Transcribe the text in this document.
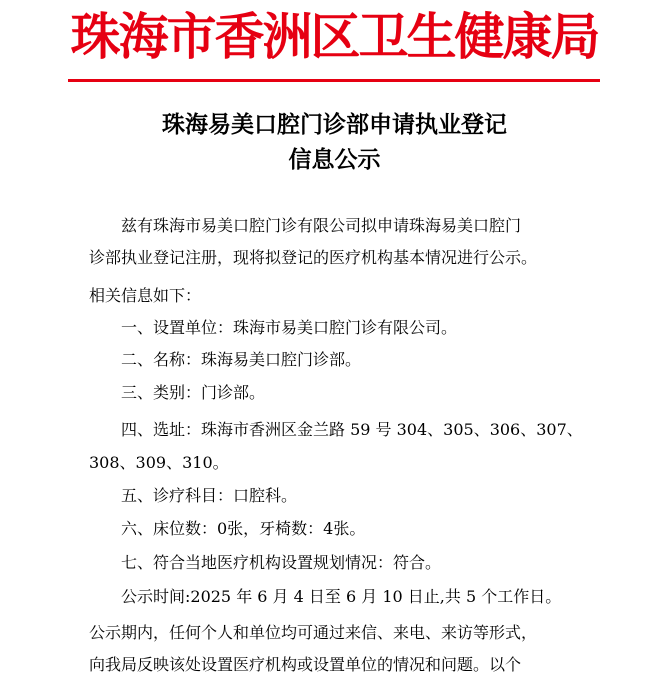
珠海市香洲区卫生健康局
珠海易美口腔门诊部申请执业登记
信息公示
兹有珠海市易美口腔门诊有限公司拟申请珠海易美口腔门
诊部执业登记注册，现将拟登记的医疗机构基本情况进行公示。
相关信息如下：
一、设置单位：珠海市易美口腔门诊有限公司。
二、名称：珠海易美口腔门诊部。
三、类别：门诊部。
四、选址：珠海市香洲区金兰路 59 号 304、305、306、307、
308、309、310。
五、诊疗科目：口腔科。
六、床位数：0张，牙椅数：4张。
七、符合当地医疗机构设置规划情况：符合。
公示时间:2025 年 6 月 4 日至 6 月 10 日止,共 5 个工作日。
公示期内，任何个人和单位均可通过来信、来电、来访等形式，
向我局反映该处设置医疗机构或设置单位的情况和问题。以个
